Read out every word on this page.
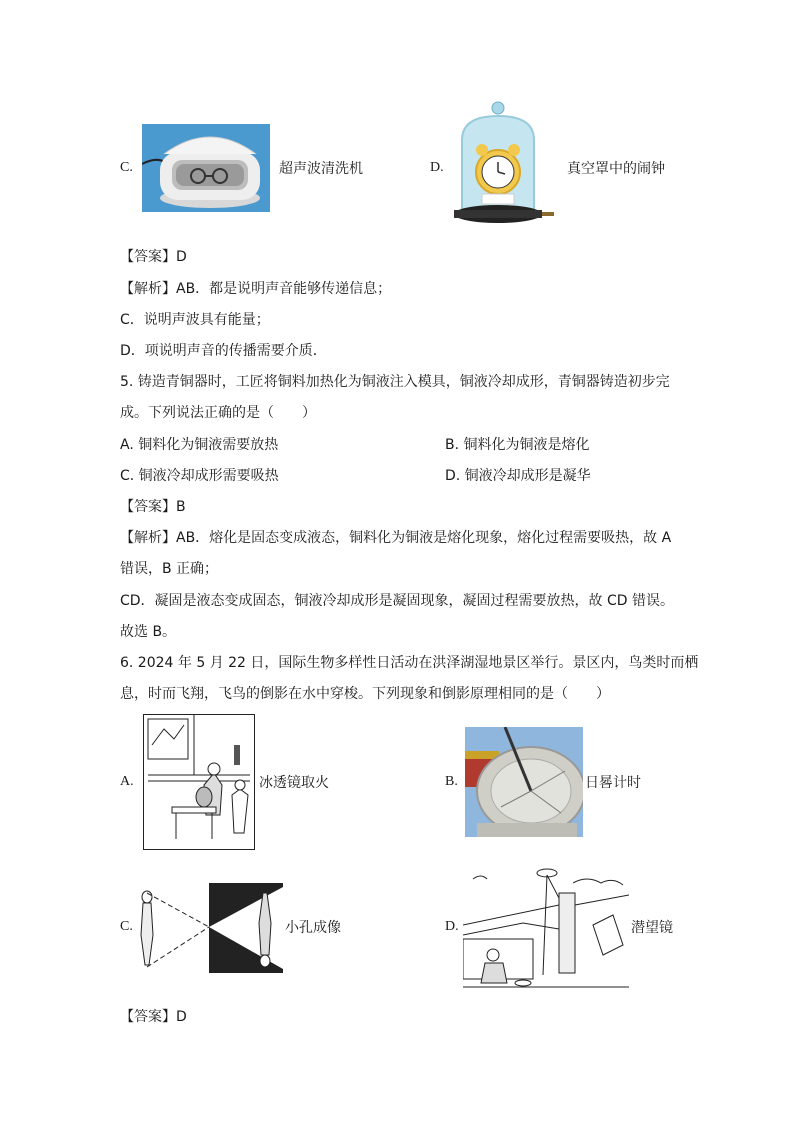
C.	超声波清洗机	D.	真空罩中的闹钟
【答案】D
【解析】AB．都是说明声音能够传递信息；
C．说明声波具有能量；
D．项说明声音的传播需要介质．
5. 铸造青铜器时，工匠将铜料加热化为铜液注入模具，铜液冷却成形，青铜器铸造初步完
成。下列说法正确的是（　　）
A. 铜料化为铜液需要放热	B. 铜料化为铜液是熔化
C. 铜液冷却成形需要吸热	D. 铜液冷却成形是凝华
【答案】B
【解析】AB．熔化是固态变成液态，铜料化为铜液是熔化现象，熔化过程需要吸热，故 A
错误，B 正确；
CD．凝固是液态变成固态，铜液冷却成形是凝固现象，凝固过程需要放热，故 CD 错误。
故选 B。
6. 2024 年 5 月 22 日，国际生物多样性日活动在洪泽湖湿地景区举行。景区内，鸟类时而栖
息，时而飞翔，飞鸟的倒影在水中穿梭。下列现象和倒影原理相同的是（　　）
A.	冰透镜取火	B.	日晷计时
C.	小孔成像	D.	潜望镜
【答案】D
